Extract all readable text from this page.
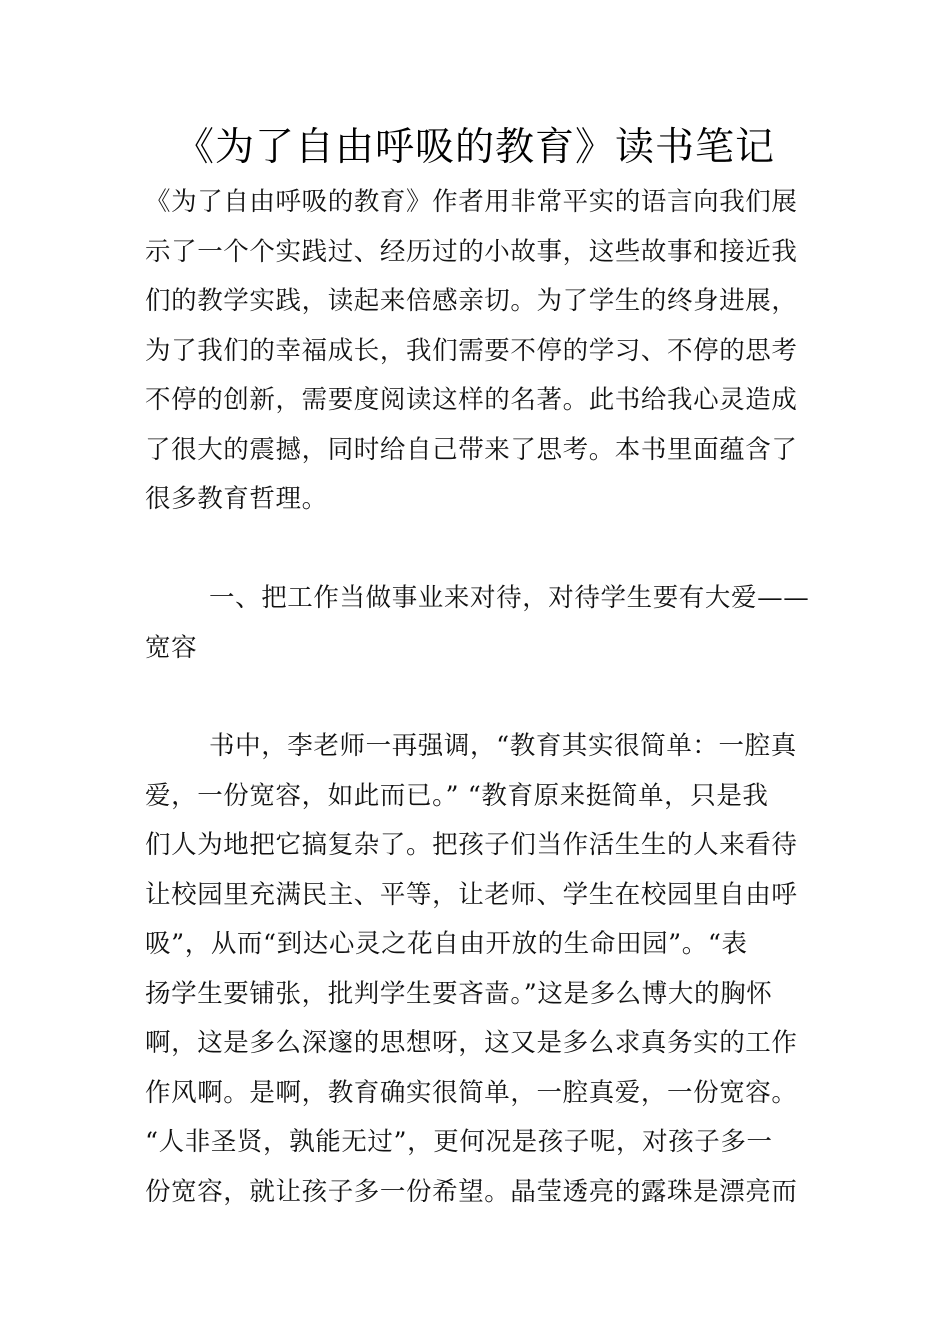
《为了自由呼吸的教育》读书笔记
《为了自由呼吸的教育》作者用非常平实的语言向我们展
示了一个个实践过、经历过的小故事，这些故事和接近我
们的教学实践，读起来倍感亲切。为了学生的终身进展，
为了我们的幸福成长，我们需要不停的学习、不停的思考
不停的创新，需要度阅读这样的名著。此书给我心灵造成
了很大的震撼，同时给自己带来了思考。本书里面蕴含了
很多教育哲理。
一、把工作当做事业来对待，对待学生要有大爱——
宽容
书中，李老师一再强调，“教育其实很简单：一腔真
爱，一份宽容，如此而已。” “教育原来挺简单，只是我
们人为地把它搞复杂了。把孩子们当作活生生的人来看待
让校园里充满民主、平等，让老师、学生在校园里自由呼
吸”，从而“到达心灵之花自由开放的生命田园”。“表
扬学生要铺张，批判学生要吝啬。”这是多么博大的胸怀
啊，这是多么深邃的思想呀，这又是多么求真务实的工作
作风啊。是啊，教育确实很简单，一腔真爱，一份宽容。
“人非圣贤，孰能无过”，更何况是孩子呢，对孩子多一
份宽容，就让孩子多一份希望。晶莹透亮的露珠是漂亮而
